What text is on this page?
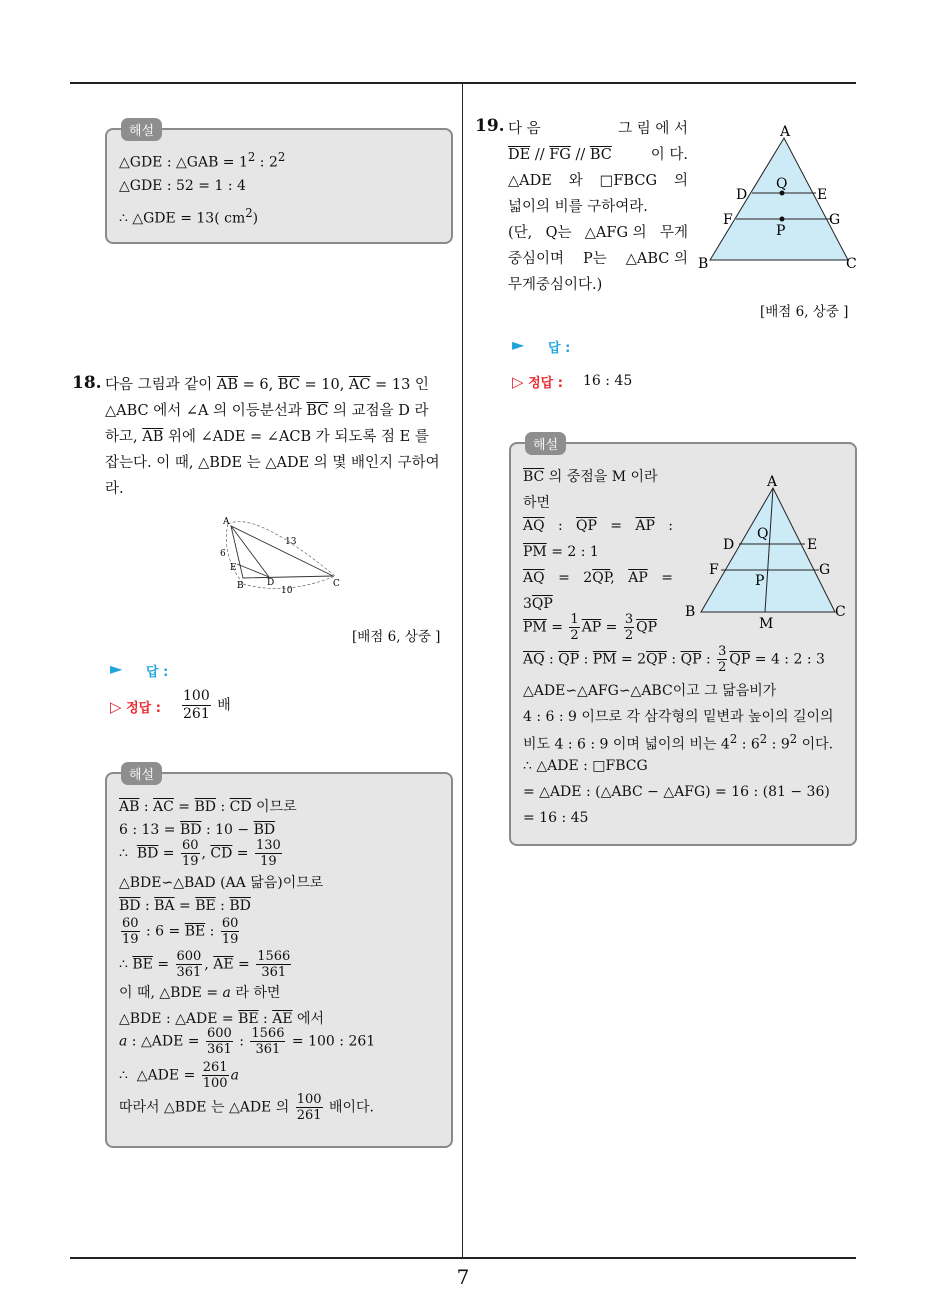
해설
△GDE : △GAB = $1^2$ : $2^2$
△GDE : 52 = 1 : 4
∴ △GDE = 13( $cm^2$)
18. 다음 그림과 같이 $\overline{AB} = 6$, $\overline{BC} = 10$, $\overline{AC} = 13$ 인
△ABC 에서 ∠A 의 이등분선과 $\overline{BC}$ 의 교점을 D 라
하고, $\overline{AB}$ 위에 ∠ADE = ∠ACB 가 되도록 점 E 를
잡는다. 이 때, △BDE 는 △ADE 의 몇 배인지 구하여
라.
A
B	C
D
E
6
13
10
[배점 6, 상중 ]
► 답 :
▷ 정답 : $\frac{100}{261}$ 배
해설
$\overline{AB}$ : $\overline{AC} = \overline{BD}$ : $\overline{CD}$ 이므로
6 : $13 = \overline{BD}$ : $10 - \overline{BD}$
∴  $\overline{BD} = \frac{60}{19}$ , $\overline{CD} = \frac{130}{19}$
△BDE∽△BAD (AA 닮음)이므로
$\overline{BD}$ : $\overline{BA} = \overline{BE}$ : $\overline{BD}$
$\frac{60}{19}$ : $6 = \overline{BE}$ : $\frac{60}{19}$
∴ $\overline{BE} = \frac{600}{361}$ , $\overline{AE} = \frac{1566}{361}$
이 때, △BDE = a 라 하면
△BDE : △ADE = $\overline{BE}$ : $\overline{AE}$ 에서
a : △ADE = $\frac{600}{361}$ : $\frac{1566}{361} = 100$ : 261
∴  △ADE = $\frac{261}{100}$ a
따라서 △BDE 는 △ADE 의 $\frac{100}{261}$ 배이다.
19. 다 음	그 림 에 서
$\overline{DE} // \overline{FG} // \overline{BC}$	이 다.
△ADE 와 □FBCG 의
넓이의 비를 구하여라.
(단, Q는 △AFG 의 무게
중심이며 P는 △ABC 의
무게중심이다.)
A
B	C
D	E
F	G
Q
P
[배점 6, 상중 ]
► 답 :
▷ 정답 : 16 : 45
해설
$\overline{BC}$ 의 중점을 M 이라
하면
$\overline{AQ}$ : $\overline{QP} = \overline{AP}$ :
$\overline{PM} = 2$ : 1
$\overline{AQ} = 2\overline{QP}$, $\overline{AP}$ =
$3\overline{QP}$
$\overline{PM} = \frac{1}{2} \overline{AP} = \frac{3}{2} \overline{QP}$
$\overline{AQ}$ : $\overline{QP}$ : $\overline{PM} = 2\overline{QP}$ : $\overline{QP}$ : $\frac{3}{2} \overline{QP} = 4$ : 2 : 3
△ADE∽△AFG∽△ABC이고 그 닮음비가
4 : 6 : 9 이므로 각 삼각형의 밑변과 높이의 길이의
비도 4 : 6 : 9 이며 넓이의 비는 $4^2$ : $6^2$ : $9^2$ 이다.
∴ △ADE : □FBCG
= △ADE : (△ABC − △AFG) = 16 : (81 − 36)
= 16 : 45
A
B	C
D	E
F	G
Q
P
M
7
